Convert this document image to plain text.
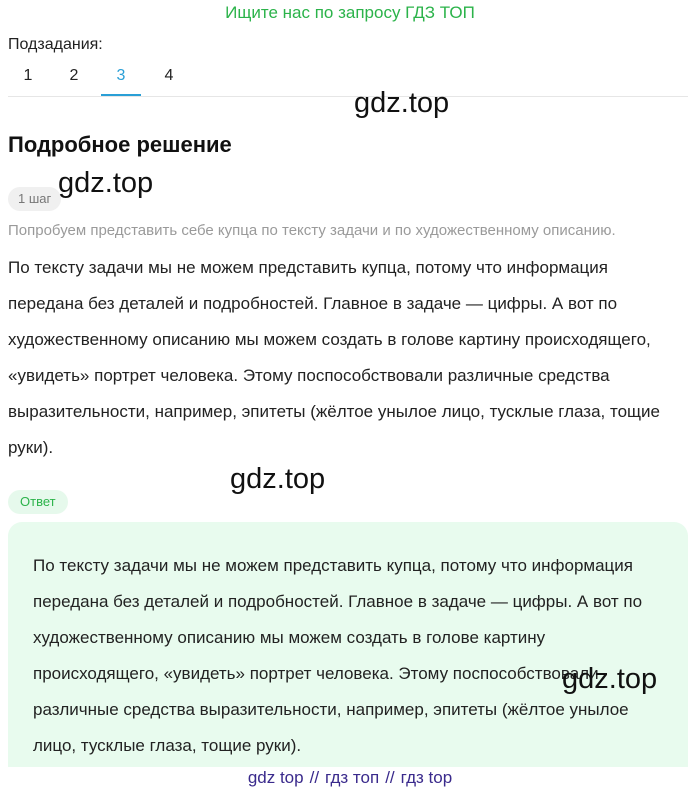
Ищите нас по запросу ГДЗ ТОП
Подзадания:
1	2	3	4
gdz.top
Подробное решение
1 шаг gdz.top
Попробуем представить себе купца по тексту задачи и по художественному описанию.
По тексту задачи мы не можем представить купца, потому что информация передана без деталей и подробностей. Главное в задаче — цифры. А вот по художественному описанию мы можем создать в голове картину происходящего, «увидеть» портрет человека. Этому поспособствовали различные средства выразительности, например, эпитеты (жёлтое унылое лицо, тусклые глаза, тощие руки).
gdz.top
Ответ
По тексту задачи мы не можем представить купца, потому что информация передана без деталей и подробностей. Главное в задаче — цифры. А вот по художественному описанию мы можем создать в голове картину происходящего, «увидеть» портрет человека. Этому поспособствовали различные средства выразительности, например, эпитеты (жёлтое унылое лицо, тусклые глаза, тощие руки).
gdz.top
gdz top // гдз топ // гдз top
